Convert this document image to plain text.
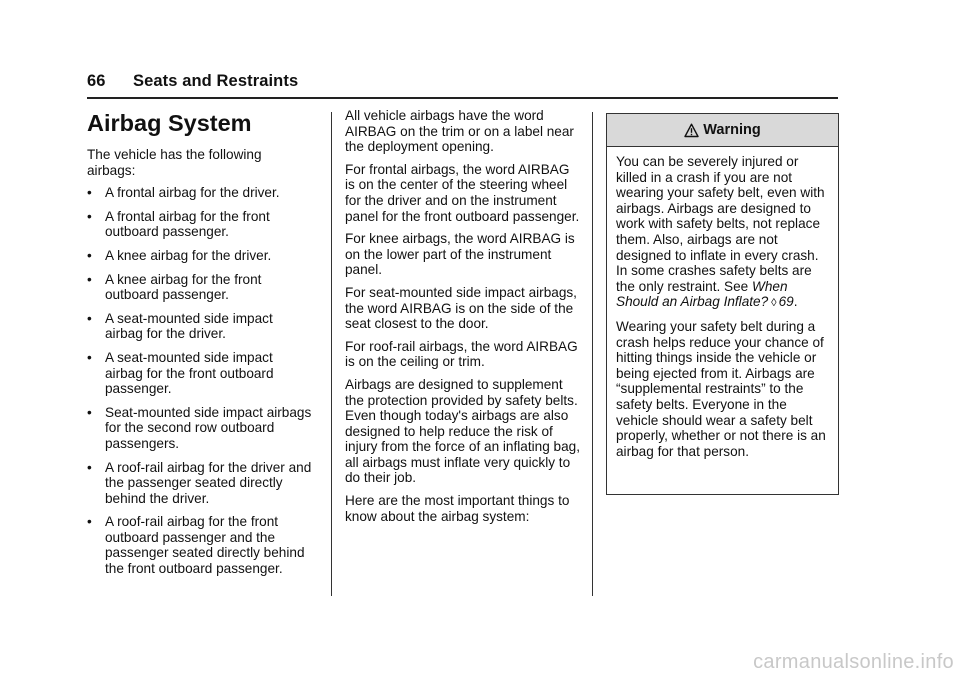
66 Seats and Restraints
Airbag System

The vehicle has the following airbags:

• A frontal airbag for the driver.
• A frontal airbag for the front outboard passenger.
• A knee airbag for the driver.
• A knee airbag for the front outboard passenger.
• A seat-mounted side impact airbag for the driver.
• A seat-mounted side impact airbag for the front outboard passenger.
• Seat-mounted side impact airbags for the second row outboard passengers.
• A roof-rail airbag for the driver and the passenger seated directly behind the driver.
• A roof-rail airbag for the front outboard passenger and the passenger seated directly behind the front outboard passenger.

All vehicle airbags have the word AIRBAG on the trim or on a label near the deployment opening.

For frontal airbags, the word AIRBAG is on the center of the steering wheel for the driver and on the instrument panel for the front outboard passenger.

For knee airbags, the word AIRBAG is on the lower part of the instrument panel.

For seat-mounted side impact airbags, the word AIRBAG is on the side of the seat closest to the door.

For roof-rail airbags, the word AIRBAG is on the ceiling or trim.

Airbags are designed to supplement the protection provided by safety belts. Even though today's airbags are also designed to help reduce the risk of injury from the force of an inflating bag, all airbags must inflate very quickly to do their job.

Here are the most important things to know about the airbag system:

Warning

You can be severely injured or killed in a crash if you are not wearing your safety belt, even with airbags. Airbags are designed to work with safety belts, not replace them. Also, airbags are not designed to inflate in every crash. In some crashes safety belts are the only restraint. See When Should an Airbag Inflate? ◊ 69.

Wearing your safety belt during a crash helps reduce your chance of hitting things inside the vehicle or being ejected from it. Airbags are “supplemental restraints” to the safety belts. Everyone in the vehicle should wear a safety belt properly, whether or not there is an airbag for that person.

carmanualsonline.info
